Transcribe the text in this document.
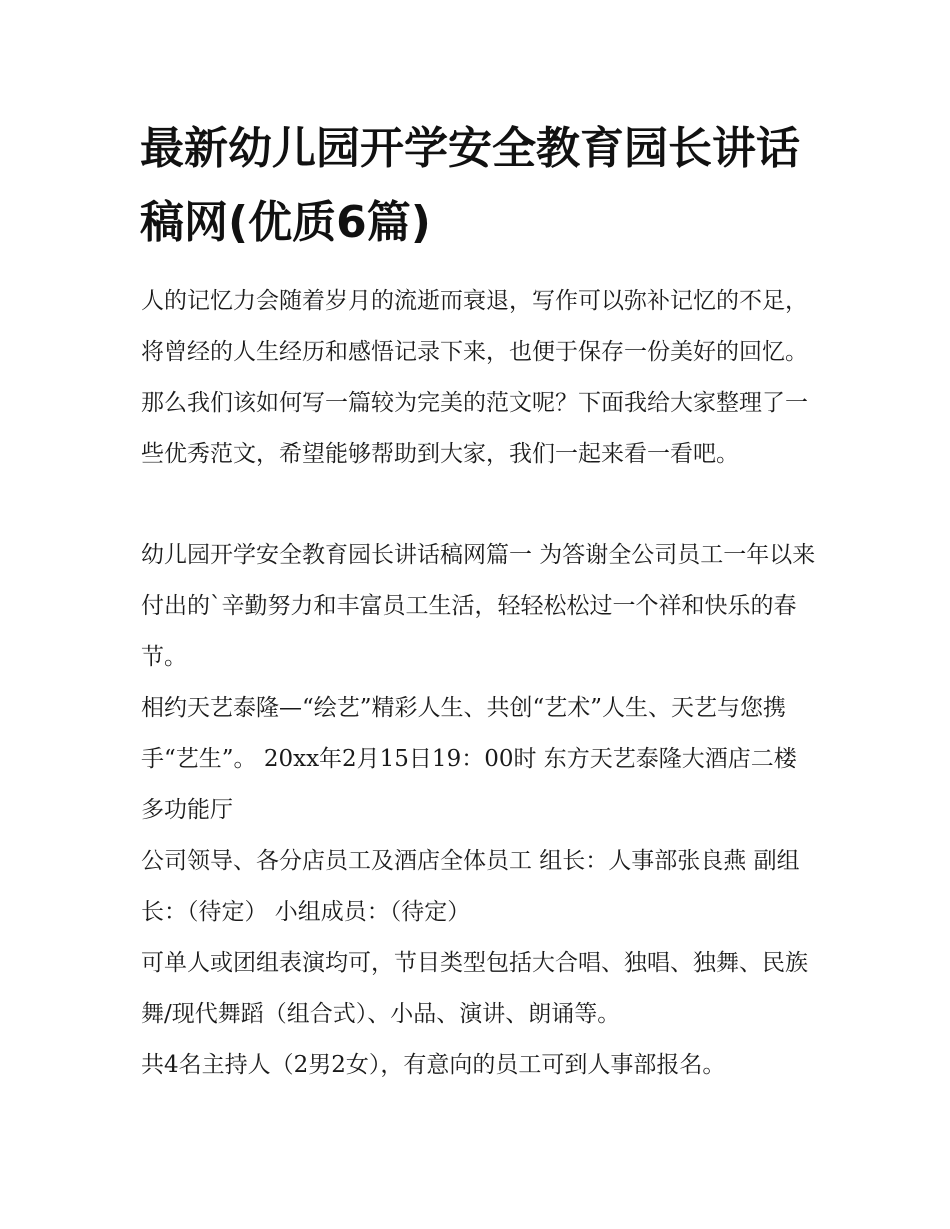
最新幼儿园开学安全教育园长讲话稿网(优质6篇)

人的记忆力会随着岁月的流逝而衰退，写作可以弥补记忆的不足，将曾经的人生经历和感悟记录下来，也便于保存一份美好的回忆。那么我们该如何写一篇较为完美的范文呢？下面我给大家整理了一些优秀范文，希望能够帮助到大家，我们一起来看一看吧。

幼儿园开学安全教育园长讲话稿网篇一 为答谢全公司员工一年以来付出的`辛勤努力和丰富员工生活，轻轻松松过一个祥和快乐的春节。

相约天艺泰隆—“绘艺”精彩人生、共创“艺术”人生、天艺与您携手“艺生”。 20xx年2月15日19：00时 东方天艺泰隆大酒店二楼多功能厅

公司领导、各分店员工及酒店全体员工 组长：人事部张良燕 副组长：（待定） 小组成员：（待定）

可单人或团组表演均可，节目类型包括大合唱、独唱、独舞、民族舞/现代舞蹈（组合式）、小品、演讲、朗诵等。

共4名主持人（2男2女），有意向的员工可到人事部报名。
